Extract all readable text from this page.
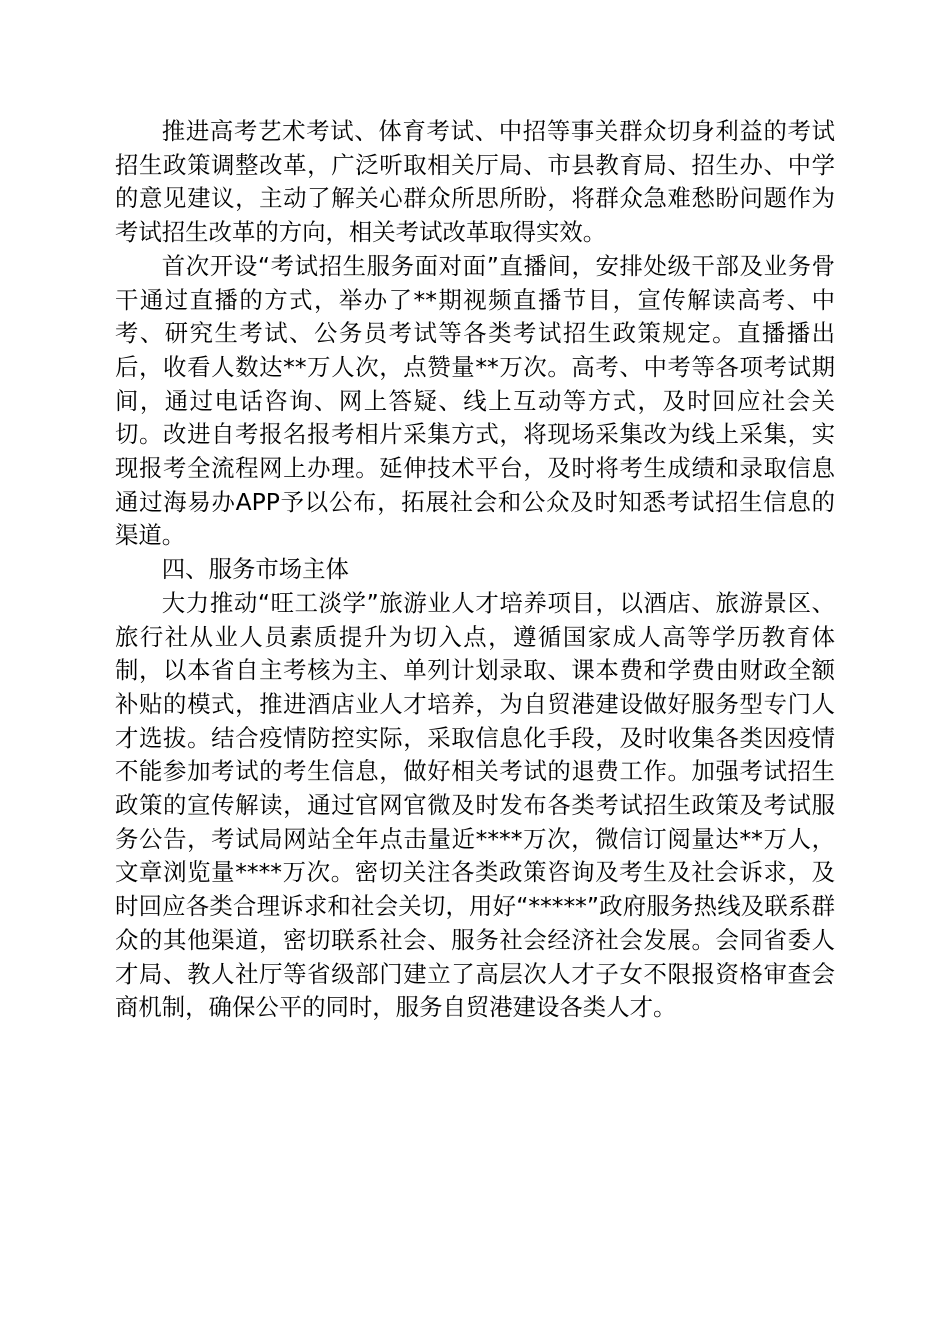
推进高考艺术考试、体育考试、中招等事关群众切身利益的考试招生政策调整改革，广泛听取相关厅局、市县教育局、招生办、中学的意见建议，主动了解关心群众所思所盼，将群众急难愁盼问题作为考试招生改革的方向，相关考试改革取得实效。

首次开设“考试招生服务面对面”直播间，安排处级干部及业务骨干通过直播的方式，举办了**期视频直播节目，宣传解读高考、中考、研究生考试、公务员考试等各类考试招生政策规定。直播播出后，收看人数达**万人次，点赞量**万次。高考、中考等各项考试期间，通过电话咨询、网上答疑、线上互动等方式，及时回应社会关切。改进自考报名报考相片采集方式，将现场采集改为线上采集，实现报考全流程网上办理。延伸技术平台，及时将考生成绩和录取信息通过海易办APP予以公布，拓展社会和公众及时知悉考试招生信息的渠道。

四、服务市场主体

大力推动“旺工淡学”旅游业人才培养项目，以酒店、旅游景区、旅行社从业人员素质提升为切入点，遵循国家成人高等学历教育体制，以本省自主考核为主、单列计划录取、课本费和学费由财政全额补贴的模式，推进酒店业人才培养，为自贸港建设做好服务型专门人才选拔。结合疫情防控实际，采取信息化手段，及时收集各类因疫情不能参加考试的考生信息，做好相关考试的退费工作。加强考试招生政策的宣传解读，通过官网官微及时发布各类考试招生政策及考试服务公告，考试局网站全年点击量近****万次，微信订阅量达**万人，文章浏览量****万次。密切关注各类政策咨询及考生及社会诉求，及时回应各类合理诉求和社会关切，用好“*****”政府服务热线及联系群众的其他渠道，密切联系社会、服务社会经济社会发展。会同省委人才局、教人社厅等省级部门建立了高层次人才子女不限报资格审查会商机制，确保公平的同时，服务自贸港建设各类人才。
